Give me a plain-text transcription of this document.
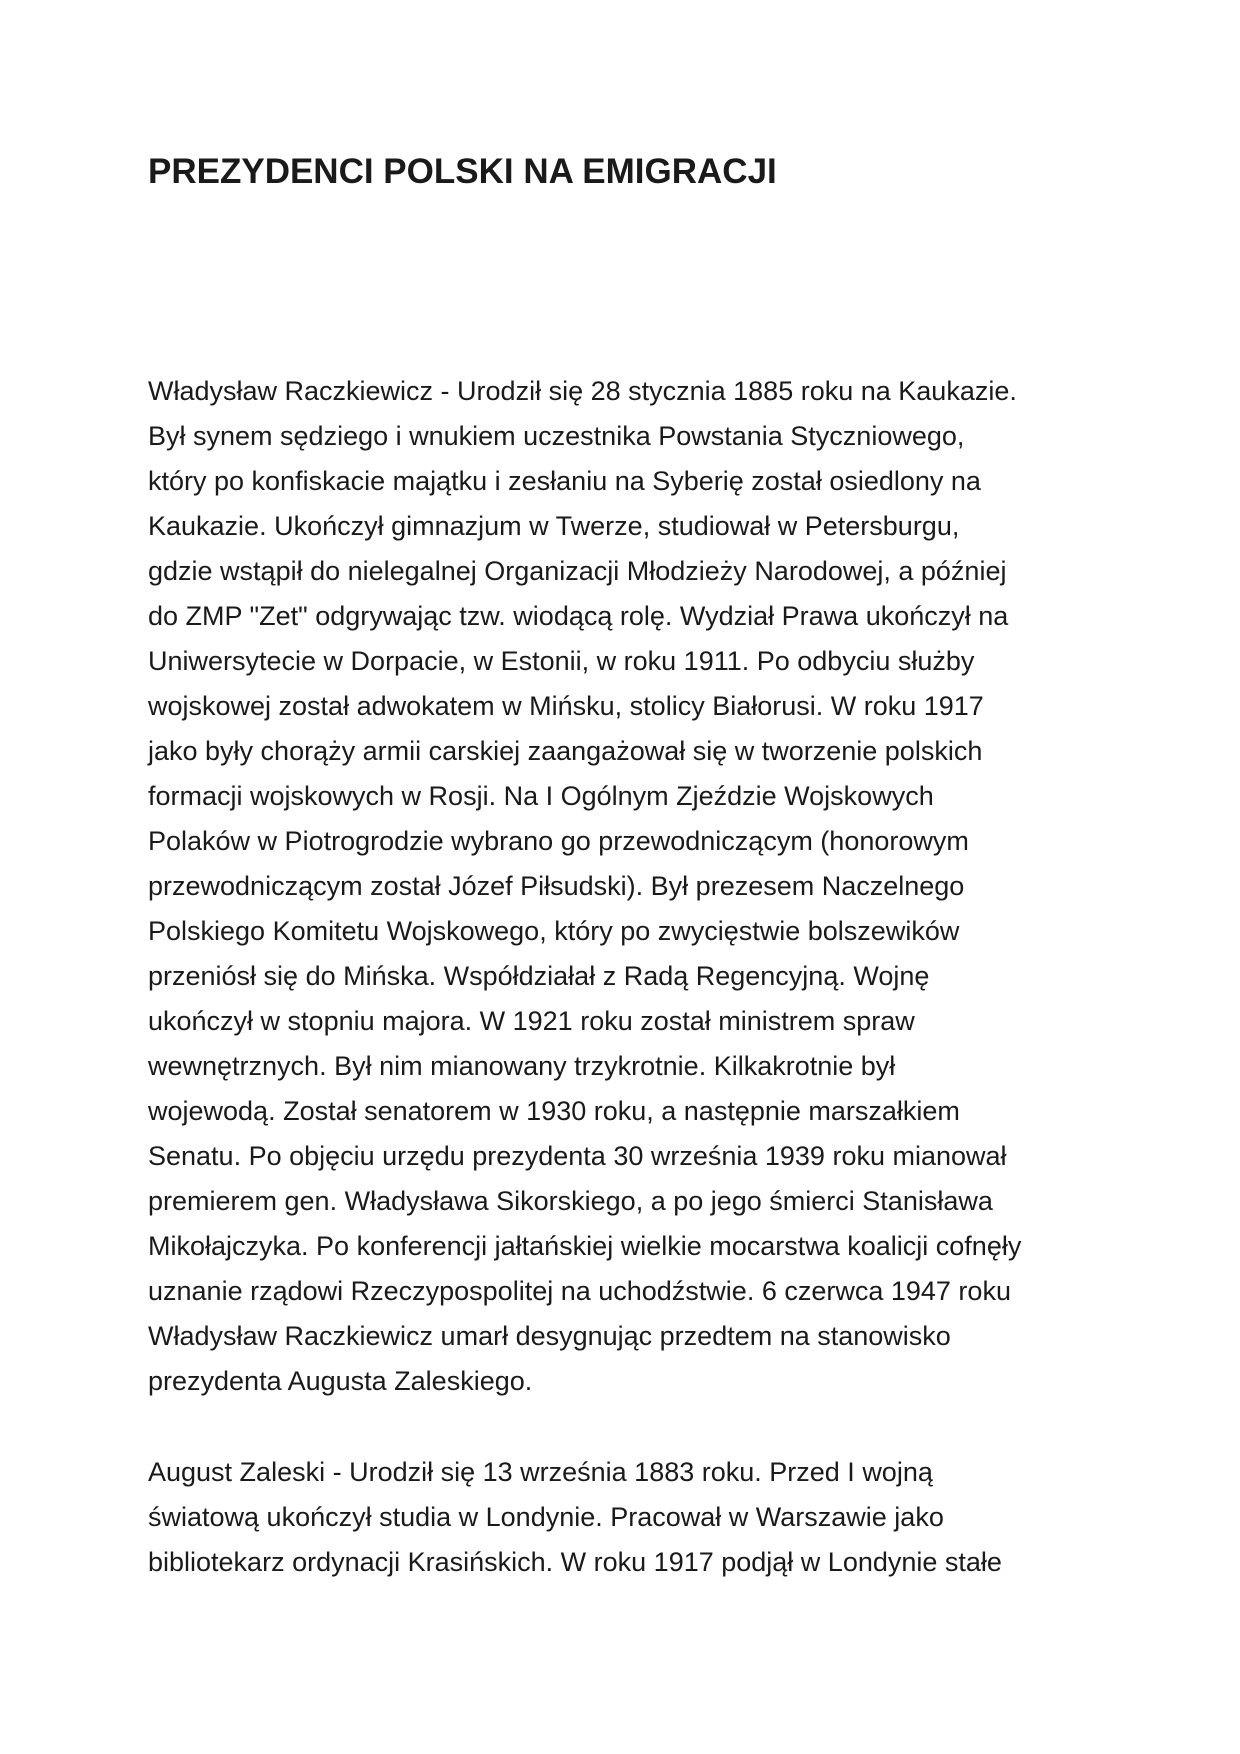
PREZYDENCI POLSKI NA EMIGRACJI
Władysław Raczkiewicz - Urodził się 28 stycznia 1885 roku na Kaukazie.
Był synem sędziego i wnukiem uczestnika Powstania Styczniowego,
który po konfiskacie majątku i zesłaniu na Syberię został osiedlony na
Kaukazie. Ukończył gimnazjum w Twerze, studiował w Petersburgu,
gdzie wstąpił do nielegalnej Organizacji Młodzieży Narodowej, a później
do ZMP "Zet" odgrywając tzw. wiodącą rolę. Wydział Prawa ukończył na
Uniwersytecie w Dorpacie, w Estonii, w roku 1911. Po odbyciu służby
wojskowej został adwokatem w Mińsku, stolicy Białorusi. W roku 1917
jako były chorąży armii carskiej zaangażował się w tworzenie polskich
formacji wojskowych w Rosji. Na I Ogólnym Zjeździe Wojskowych
Polaków w Piotrogrodzie wybrano go przewodniczącym (honorowym
przewodniczącym został Józef Piłsudski). Był prezesem Naczelnego
Polskiego Komitetu Wojskowego, który po zwycięstwie bolszewików
przeniósł się do Mińska. Współdziałał z Radą Regencyjną. Wojnę
ukończył w stopniu majora. W 1921 roku został ministrem spraw
wewnętrznych. Był nim mianowany trzykrotnie. Kilkakrotnie był
wojewodą. Został senatorem w 1930 roku, a następnie marszałkiem
Senatu. Po objęciu urzędu prezydenta 30 września 1939 roku mianował
premierem gen. Władysława Sikorskiego, a po jego śmierci Stanisława
Mikołajczyka. Po konferencji jałtańskiej wielkie mocarstwa koalicji cofnęły
uznanie rządowi Rzeczypospolitej na uchodźstwie. 6 czerwca 1947 roku
Władysław Raczkiewicz umarł desygnując przedtem na stanowisko
prezydenta Augusta Zaleskiego.
August Zaleski - Urodził się 13 września 1883 roku. Przed I wojną
światową ukończył studia w Londynie. Pracował w Warszawie jako
bibliotekarz ordynacji Krasińskich. W roku 1917 podjął w Londynie stałe
